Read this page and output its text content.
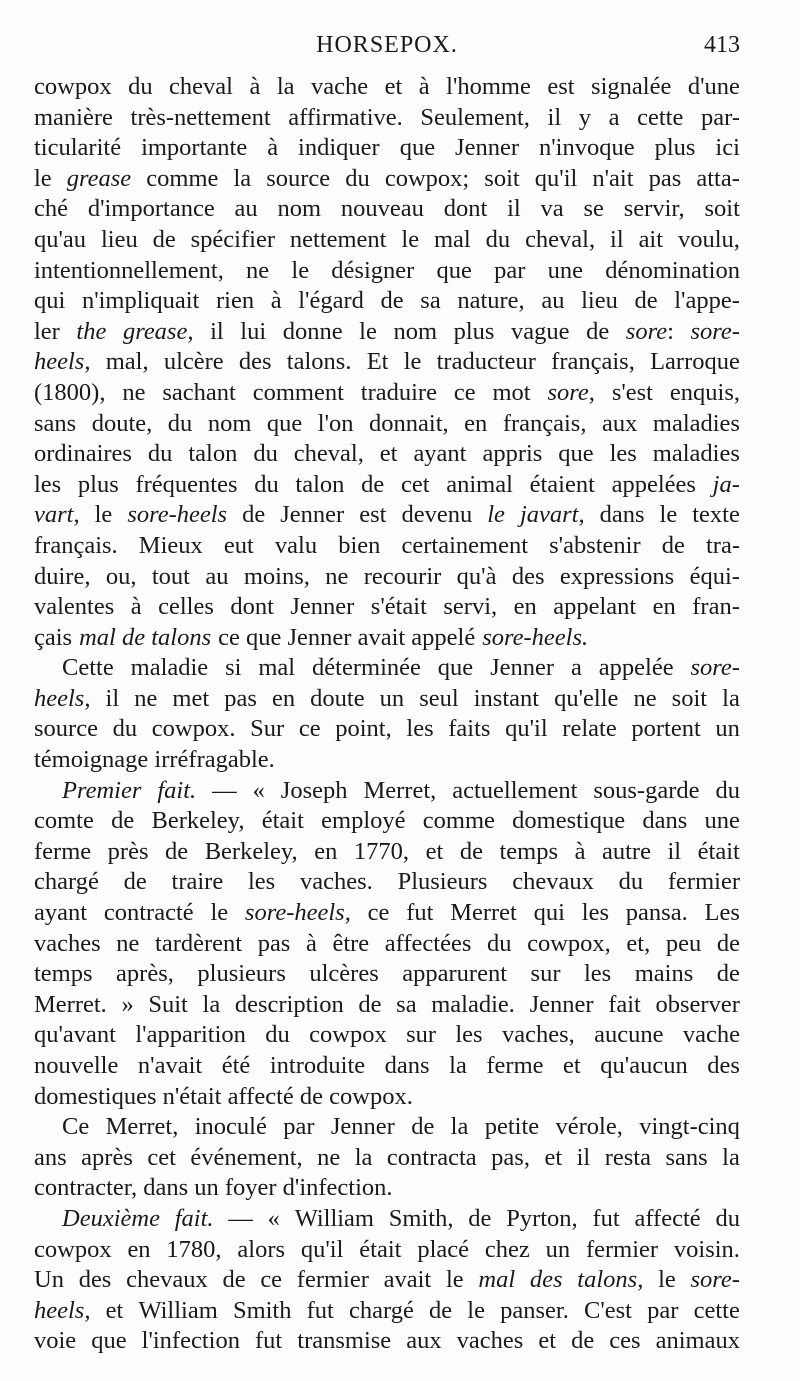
HORSEPOX.	413
cowpox du cheval à la vache et à l'homme est signalée d'une
manière très-nettement affirmative. Seulement, il y a cette par-
ticularité importante à indiquer que Jenner n'invoque plus ici
le grease comme la source du cowpox; soit qu'il n'ait pas atta-
ché d'importance au nom nouveau dont il va se servir, soit
qu'au lieu de spécifier nettement le mal du cheval, il ait voulu,
intentionnellement, ne le désigner que par une dénomination
qui n'impliquait rien à l'égard de sa nature, au lieu de l'appe-
ler the grease, il lui donne le nom plus vague de sore: sore-
heels, mal, ulcère des talons. Et le traducteur français, Larroque
(1800), ne sachant comment traduire ce mot sore, s'est enquis,
sans doute, du nom que l'on donnait, en français, aux maladies
ordinaires du talon du cheval, et ayant appris que les maladies
les plus fréquentes du talon de cet animal étaient appelées ja-
vart, le sore-heels de Jenner est devenu le javart, dans le texte
français. Mieux eut valu bien certainement s'abstenir de tra-
duire, ou, tout au moins, ne recourir qu'à des expressions équi-
valentes à celles dont Jenner s'était servi, en appelant en fran-
çais mal de talons ce que Jenner avait appelé sore-heels.
Cette maladie si mal déterminée que Jenner a appelée sore-
heels, il ne met pas en doute un seul instant qu'elle ne soit la
source du cowpox. Sur ce point, les faits qu'il relate portent un
témoignage irréfragable.
Premier fait. — « Joseph Merret, actuellement sous-garde du
comte de Berkeley, était employé comme domestique dans une
ferme près de Berkeley, en 1770, et de temps à autre il était
chargé de traire les vaches. Plusieurs chevaux du fermier
ayant contracté le sore-heels, ce fut Merret qui les pansa. Les
vaches ne tardèrent pas à être affectées du cowpox, et, peu de
temps après, plusieurs ulcères apparurent sur les mains de
Merret. » Suit la description de sa maladie. Jenner fait observer
qu'avant l'apparition du cowpox sur les vaches, aucune vache
nouvelle n'avait été introduite dans la ferme et qu'aucun des
domestiques n'était affecté de cowpox.
Ce Merret, inoculé par Jenner de la petite vérole, vingt-cinq
ans après cet événement, ne la contracta pas, et il resta sans la
contracter, dans un foyer d'infection.
Deuxième fait. — « William Smith, de Pyrton, fut affecté du
cowpox en 1780, alors qu'il était placé chez un fermier voisin.
Un des chevaux de ce fermier avait le mal des talons, le sore-
heels, et William Smith fut chargé de le panser. C'est par cette
voie que l'infection fut transmise aux vaches et de ces animaux
